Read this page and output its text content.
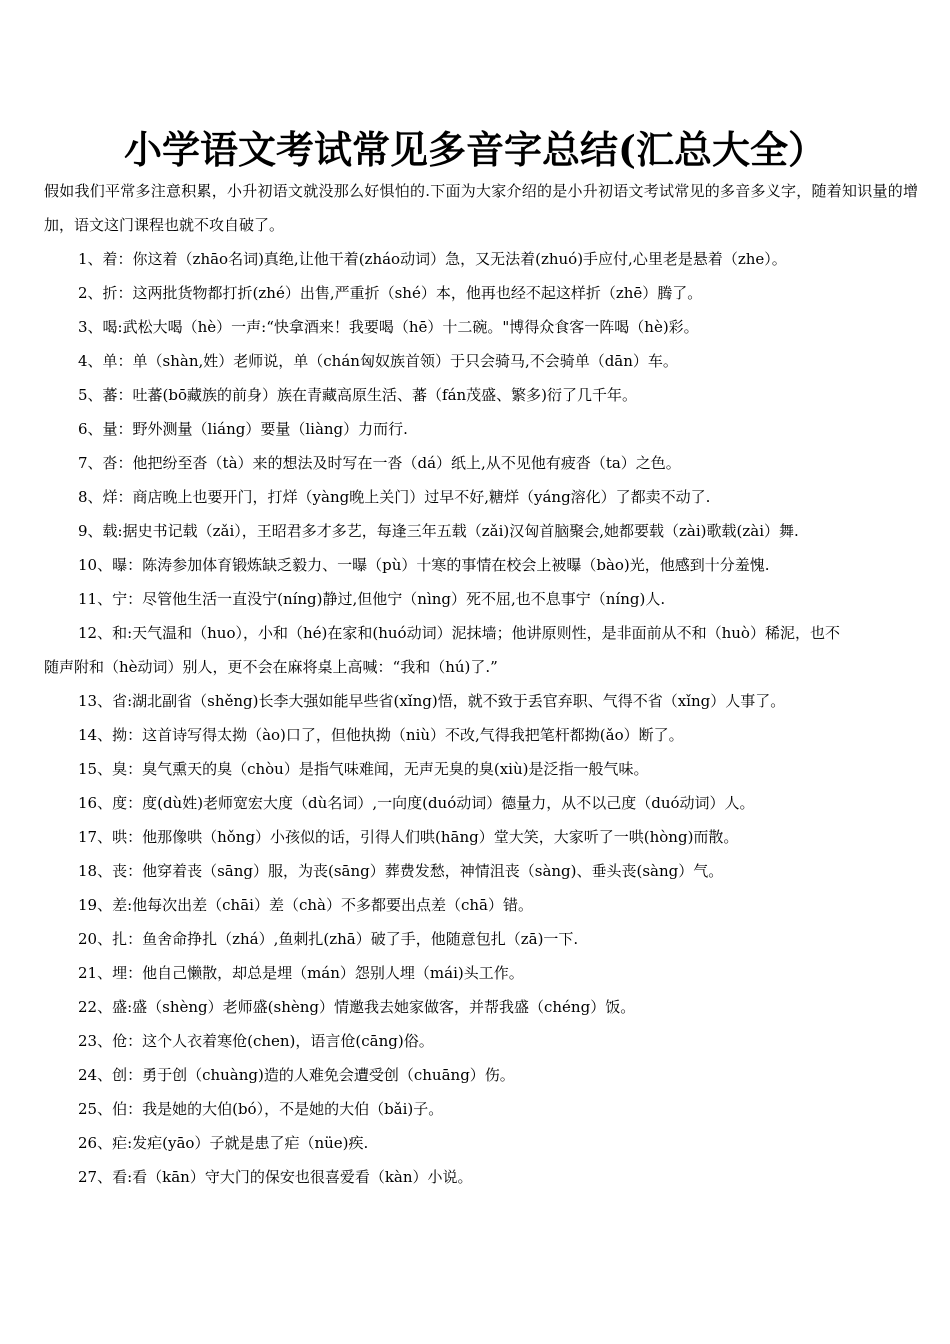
小学语文考试常见多音字总结(汇总大全）
假如我们平常多注意积累，小升初语文就没那么好惧怕的.下面为大家介绍的是小升初语文考试常见的多音多义字，随着知识量的增加，语文这门课程也就不攻自破了。

1、着：你这着（zhāo名词)真绝,让他干着(zháo动词）急，又无法着(zhuó)手应付,心里老是悬着（zhe）。

2、折：这两批货物都打折(zhé）出售,严重折（shé）本，他再也经不起这样折（zhē）腾了。

3、喝:武松大喝（hè）一声:“快拿酒来！我要喝（hē）十二碗。"博得众食客一阵喝（hè)彩。

4、单：单（shàn,姓）老师说，单（chán匈奴族首领）于只会骑马,不会骑单（dān）车。

5、蕃：吐蕃(bō藏族的前身）族在青藏高原生活、蕃（fán茂盛、繁多)衍了几千年。

6、量：野外测量（liáng）要量（liàng）力而行.

7、沓：他把纷至沓（tà）来的想法及时写在一沓（dá）纸上,从不见他有疲沓（ta）之色。

8、烊：商店晚上也要开门，打烊（yàng晚上关门）过早不好,糖烊（yáng溶化）了都卖不动了.

9、载:据史书记载（zǎi），王昭君多才多艺，每逢三年五载（zǎi)汉匈首脑聚会,她都要载（zài)歌载(zài）舞.

10、曝：陈涛参加体育锻炼缺乏毅力、一曝（pù）十寒的事情在校会上被曝（bào)光，他感到十分羞愧.

11、宁：尽管他生活一直没宁(níng)静过,但他宁（nìng）死不屈,也不息事宁（níng)人.

12、和:天气温和（huo），小和（hé)在家和(huó动词）泥抹墙；他讲原则性，是非面前从不和（huò）稀泥，也不
随声附和（hè动词）别人，更不会在麻将桌上高喊：“我和（hú)了.”

13、省:湖北副省（shěng)长李大强如能早些省(xǐng)悟，就不致于丢官弃职、气得不省（xǐng）人事了。

14、拗：这首诗写得太拗（ào)口了，但他执拗（niù）不改,气得我把笔杆都拗(ǎo）断了。

15、臭：臭气熏天的臭（chòu）是指气味难闻，无声无臭的臭(xiù)是泛指一般气味。

16、度：度(dù姓)老师宽宏大度（dù名词）,一向度(duó动词）德量力，从不以己度（duó动词）人。

17、哄：他那像哄（hǒng）小孩似的话，引得人们哄(hāng）堂大笑，大家听了一哄(hòng)而散。

18、丧：他穿着丧（sāng）服，为丧(sāng）葬费发愁，神情沮丧（sàng)、垂头丧(sàng）气。

19、差:他每次出差（chāi）差（chà）不多都要出点差（chā）错。

20、扎：鱼舍命挣扎（zhá）,鱼刺扎(zhā）破了手，他随意包扎（zā)一下.

21、埋：他自己懒散，却总是埋（mán）怨别人埋（mái)头工作。

22、盛:盛（shèng）老师盛(shèng）情邀我去她家做客，并帮我盛（chéng）饭。

23、伧：这个人衣着寒伧(chen)，语言伧(cāng)俗。

24、创：勇于创（chuàng)造的人难免会遭受创（chuāng）伤。

25、伯：我是她的大伯(bó），不是她的大伯（bǎi)子。

26、疟:发疟(yāo）子就是患了疟（nüe)疾.

27、看:看（kān）守大门的保安也很喜爱看（kàn）小说。
